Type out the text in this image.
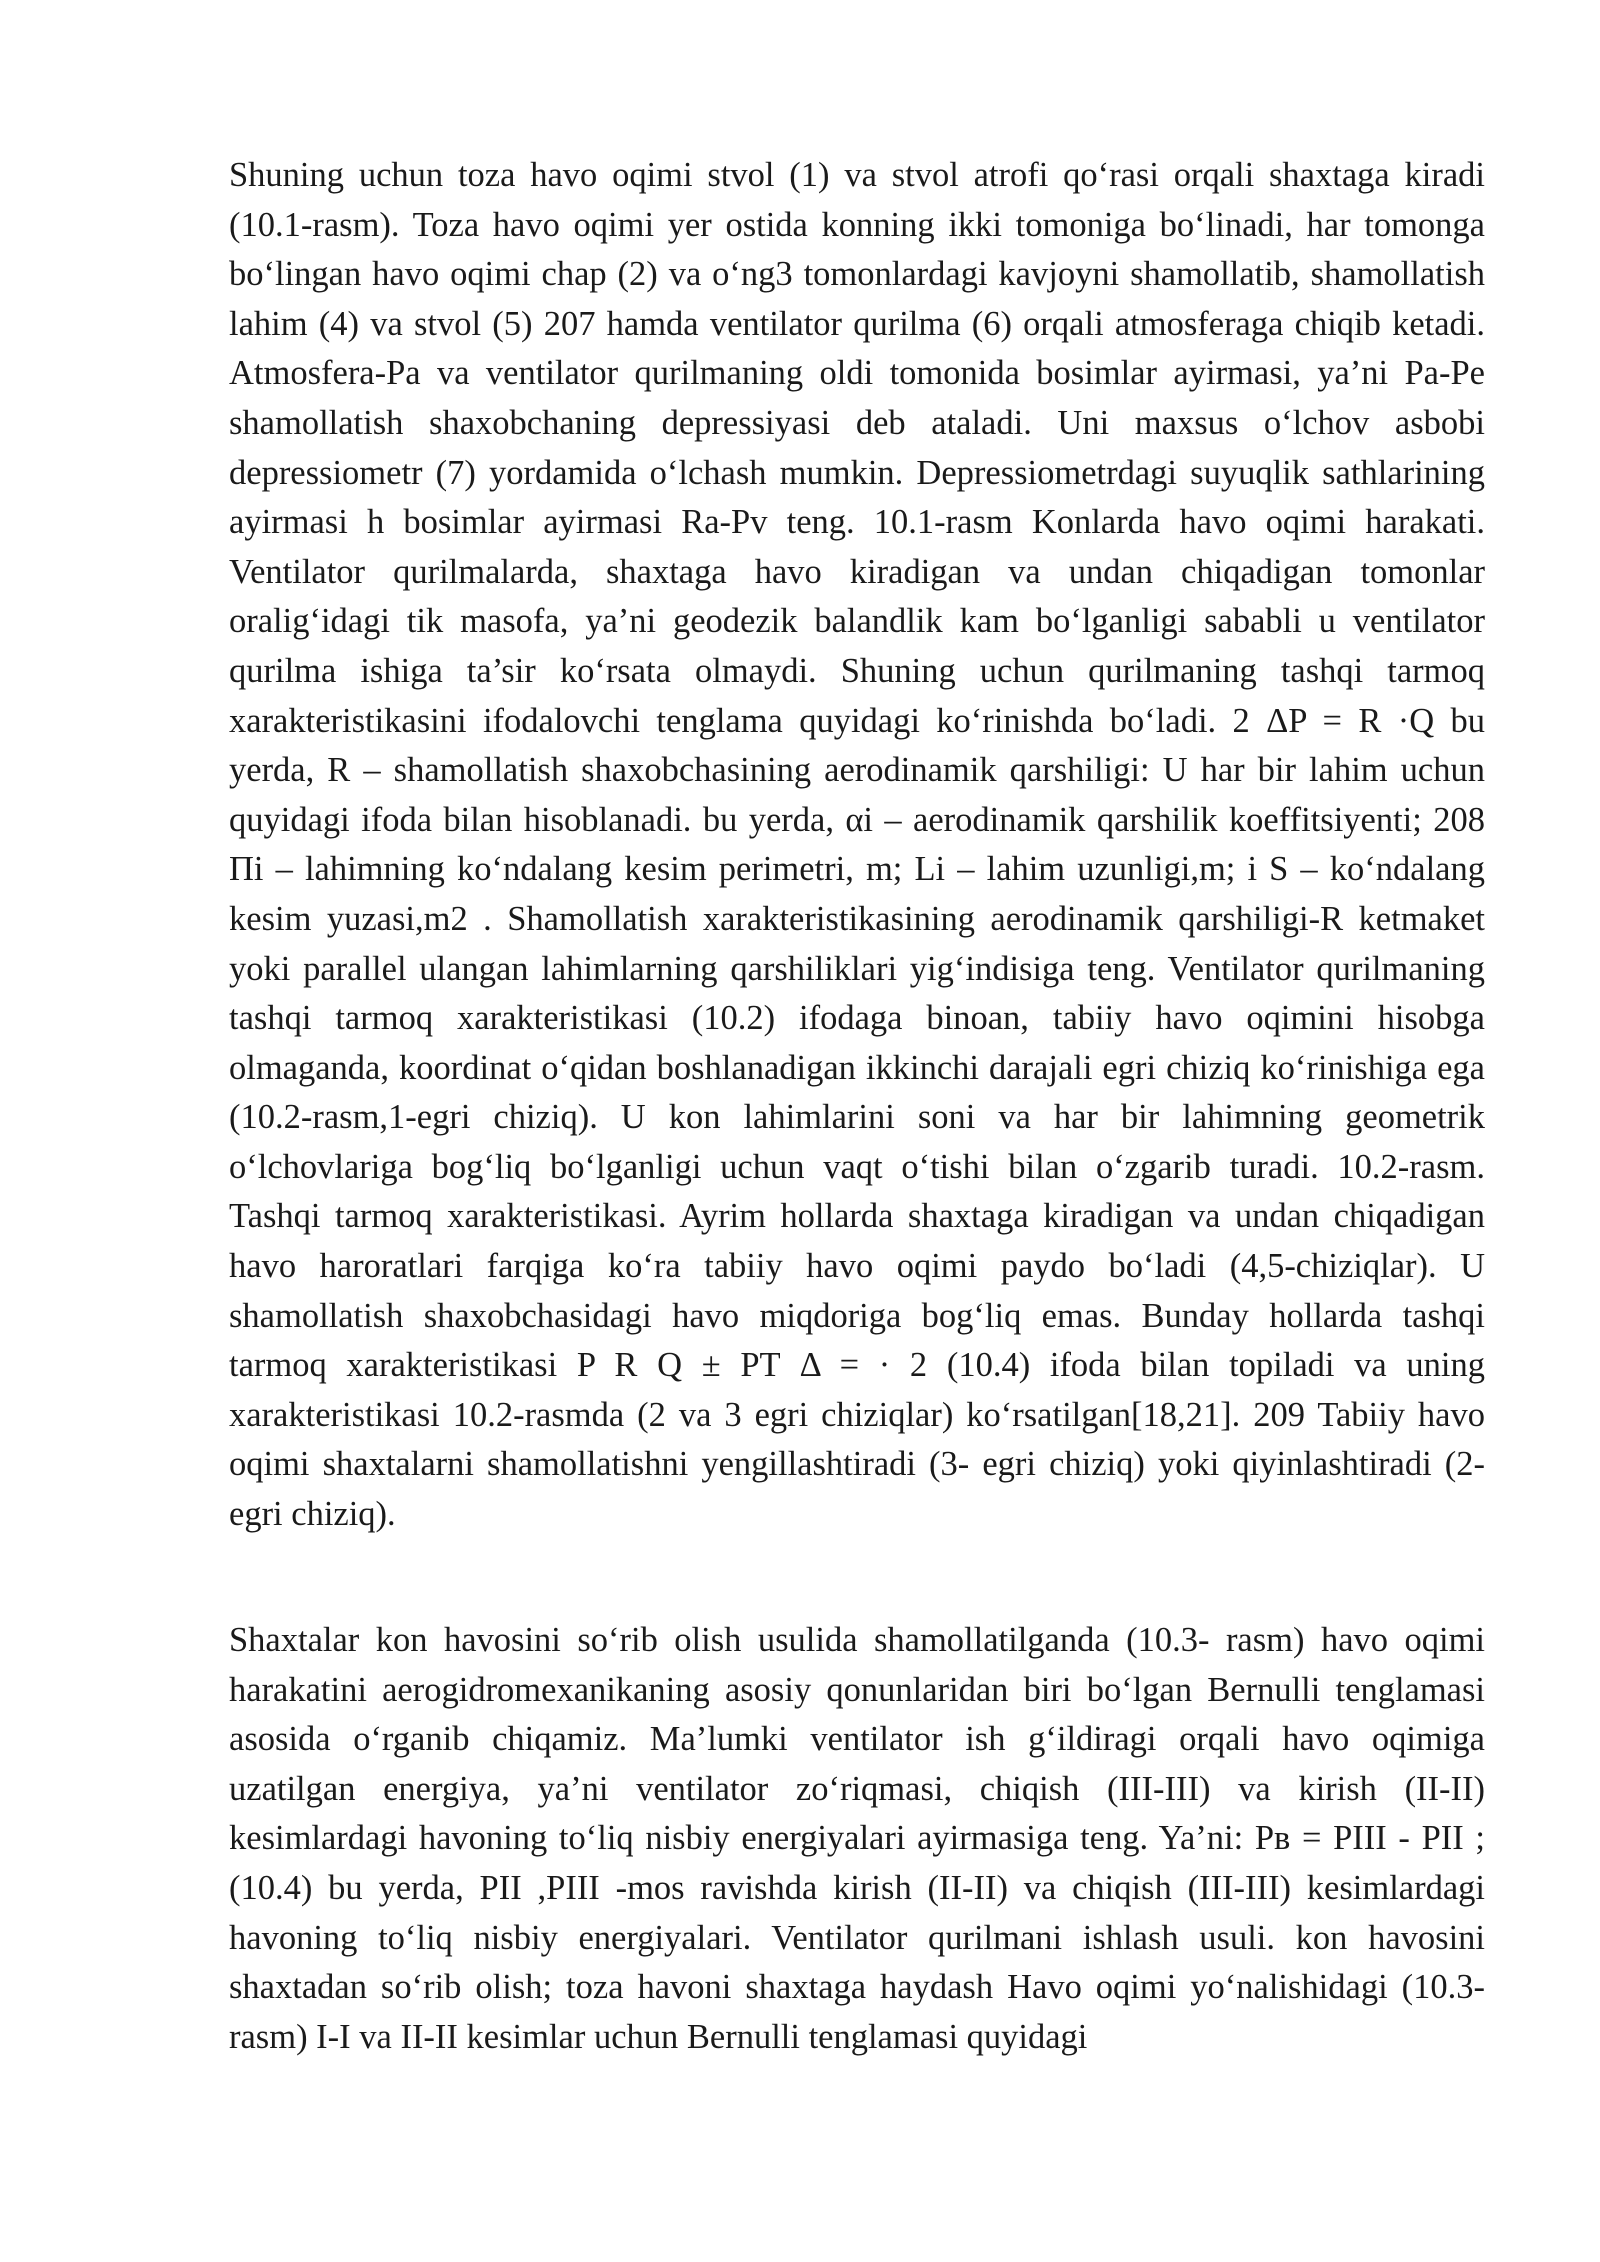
Shuning uchun toza havo oqimi stvol (1) va stvol atrofi qo‘rasi orqali shaxtaga kiradi (10.1-rasm). Toza havo oqimi yer ostida konning ikki tomoniga bo‘linadi, har tomonga bo‘lingan havo oqimi chap (2) va o‘ng3 tomonlardagi kavjoyni shamollatib, shamollatish lahim (4) va stvol (5) 207 hamda ventilator qurilma (6) orqali atmosferaga chiqib ketadi. Atmosfera-Pa va ventilator qurilmaning oldi tomonida bosimlar ayirmasi, ya’ni Pa-Pe shamollatish shaxobchaning depressiyasi deb ataladi. Uni maxsus o‘lchov asbobi depressiometr (7) yordamida o‘lchash mumkin. Depressiometrdagi suyuqlik sathlarining ayirmasi h bosimlar ayirmasi Ra-Pv teng. 10.1-rasm Konlarda havo oqimi harakati. Ventilator qurilmalarda, shaxtaga havo kiradigan va undan chiqadigan tomonlar oralig‘idagi tik masofa, ya’ni geodezik balandlik kam bo‘lganligi sababli u ventilator qurilma ishiga ta’sir ko‘rsata olmaydi. Shuning uchun qurilmaning tashqi tarmoq xarakteristikasini ifodalovchi tenglama quyidagi ko‘rinishda bo‘ladi. 2 ΔP = R ·Q bu yerda, R – shamollatish shaxobchasining aerodinamik qarshiligi: U har bir lahim uchun quyidagi ifoda bilan hisoblanadi. bu yerda, αi – aerodinamik qarshilik koeffitsiyenti; 208 Πi – lahimning ko‘ndalang kesim perimetri, m; Li – lahim uzunligi,m; i S – ko‘ndalang kesim yuzasi,m2 . Shamollatish xarakteristikasining aerodinamik qarshiligi-R ketmaket yoki parallel ulangan lahimlarning qarshiliklari yig‘indisiga teng. Ventilator qurilmaning tashqi tarmoq xarakteristikasi (10.2) ifodaga binoan, tabiiy havo oqimini hisobga olmaganda, koordinat o‘qidan boshlanadigan ikkinchi darajali egri chiziq ko‘rinishiga ega (10.2-rasm,1-egri chiziq). U kon lahimlarini soni va har bir lahimning geometrik o‘lchovlariga bog‘liq bo‘lganligi uchun vaqt o‘tishi bilan o‘zgarib turadi. 10.2-rasm. Tashqi tarmoq xarakteristikasi. Ayrim hollarda shaxtaga kiradigan va undan chiqadigan havo haroratlari farqiga ko‘ra tabiiy havo oqimi paydo bo‘ladi (4,5-chiziqlar). U shamollatish shaxobchasidagi havo miqdoriga bog‘liq emas. Bunday hollarda tashqi tarmoq xarakteristikasi P R Q ± PT Δ = · 2 (10.4) ifoda bilan topiladi va uning xarakteristikasi 10.2-rasmda (2 va 3 egri chiziqlar) ko‘rsatilgan[18,21]. 209 Tabiiy havo oqimi shaxtalarni shamollatishni yengillashtiradi (3- egri chiziq) yoki qiyinlashtiradi (2-egri chiziq).

Shaxtalar kon havosini so‘rib olish usulida shamollatilganda (10.3- rasm) havo oqimi harakatini aerogidromexanikaning asosiy qonunlaridan biri bo‘lgan Bernulli tenglamasi asosida o‘rganib chiqamiz. Ma’lumki ventilator ish g‘ildiragi orqali havo oqimiga uzatilgan energiya, ya’ni ventilator zo‘riqmasi, chiqish (III-III) va kirish (II-II) kesimlardagi havoning to‘liq nisbiy energiyalari ayirmasiga teng. Ya’ni: Pв = PIII - PII ; (10.4) bu yerda, PII ,PIII -mos ravishda kirish (II-II) va chiqish (III-III) kesimlardagi havoning to‘liq nisbiy energiyalari. Ventilator qurilmani ishlash usuli. kon havosini shaxtadan so‘rib olish; toza havoni shaxtaga haydash Havo oqimi yo‘nalishidagi (10.3-rasm) I-I va II-II kesimlar uchun Bernulli tenglamasi quyidagi
